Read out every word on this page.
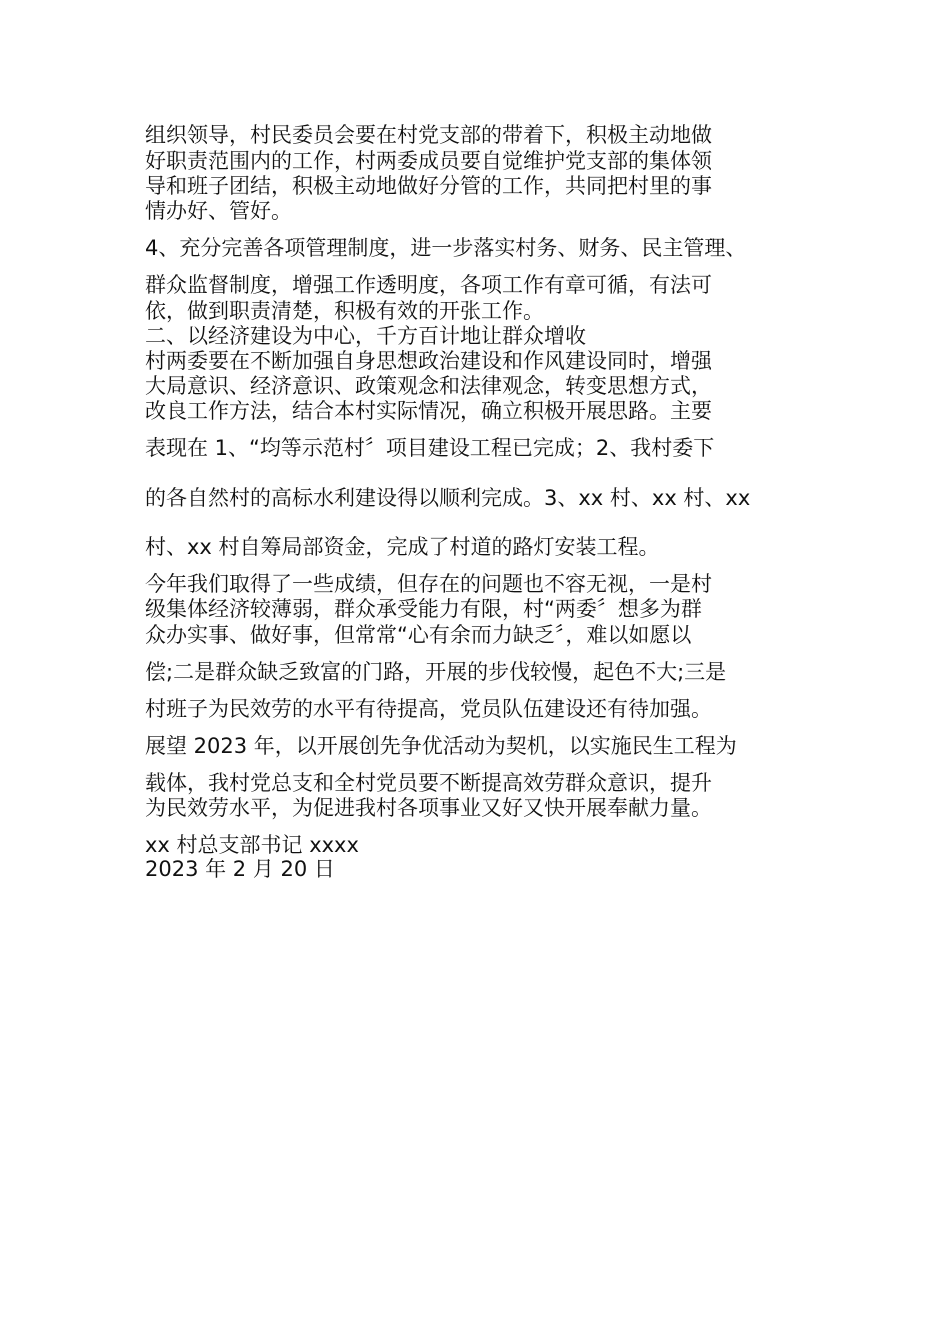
组织领导，村民委员会要在村党支部的带着下，积极主动地做
好职责范围内的工作，村两委成员要自觉维护党支部的集体领
导和班子团结，积极主动地做好分管的工作，共同把村里的事
情办好、管好。
4、充分完善各项管理制度，进一步落实村务、财务、民主管理、
群众监督制度，增强工作透明度，各项工作有章可循，有法可
依，做到职责清楚，积极有效的开张工作。
二、以经济建设为中心，千方百计地让群众增收
村两委要在不断加强自身思想政治建设和作风建设同时，增强
大局意识、经济意识、政策观念和法律观念，转变思想方式，
改良工作方法，结合本村实际情况，确立积极开展思路。主要
表现在 1、“均等示范村〞项目建设工程已完成；2、我村委下
的各自然村的高标水利建设得以顺利完成。3、xx 村、xx 村、xx
村、xx 村自筹局部资金，完成了村道的路灯安装工程。
今年我们取得了一些成绩，但存在的问题也不容无视，一是村
级集体经济较薄弱，群众承受能力有限，村“两委〞想多为群
众办实事、做好事，但常常“心有余而力缺乏〞，难以如愿以
偿;二是群众缺乏致富的门路，开展的步伐较慢，起色不大;三是
村班子为民效劳的水平有待提高，党员队伍建设还有待加强。
展望 2023 年，以开展创先争优活动为契机，以实施民生工程为
载体，我村党总支和全村党员要不断提高效劳群众意识，提升
为民效劳水平，为促进我村各项事业又好又快开展奉献力量。
xx 村总支部书记 xxxx
2023 年 2 月 20 日
